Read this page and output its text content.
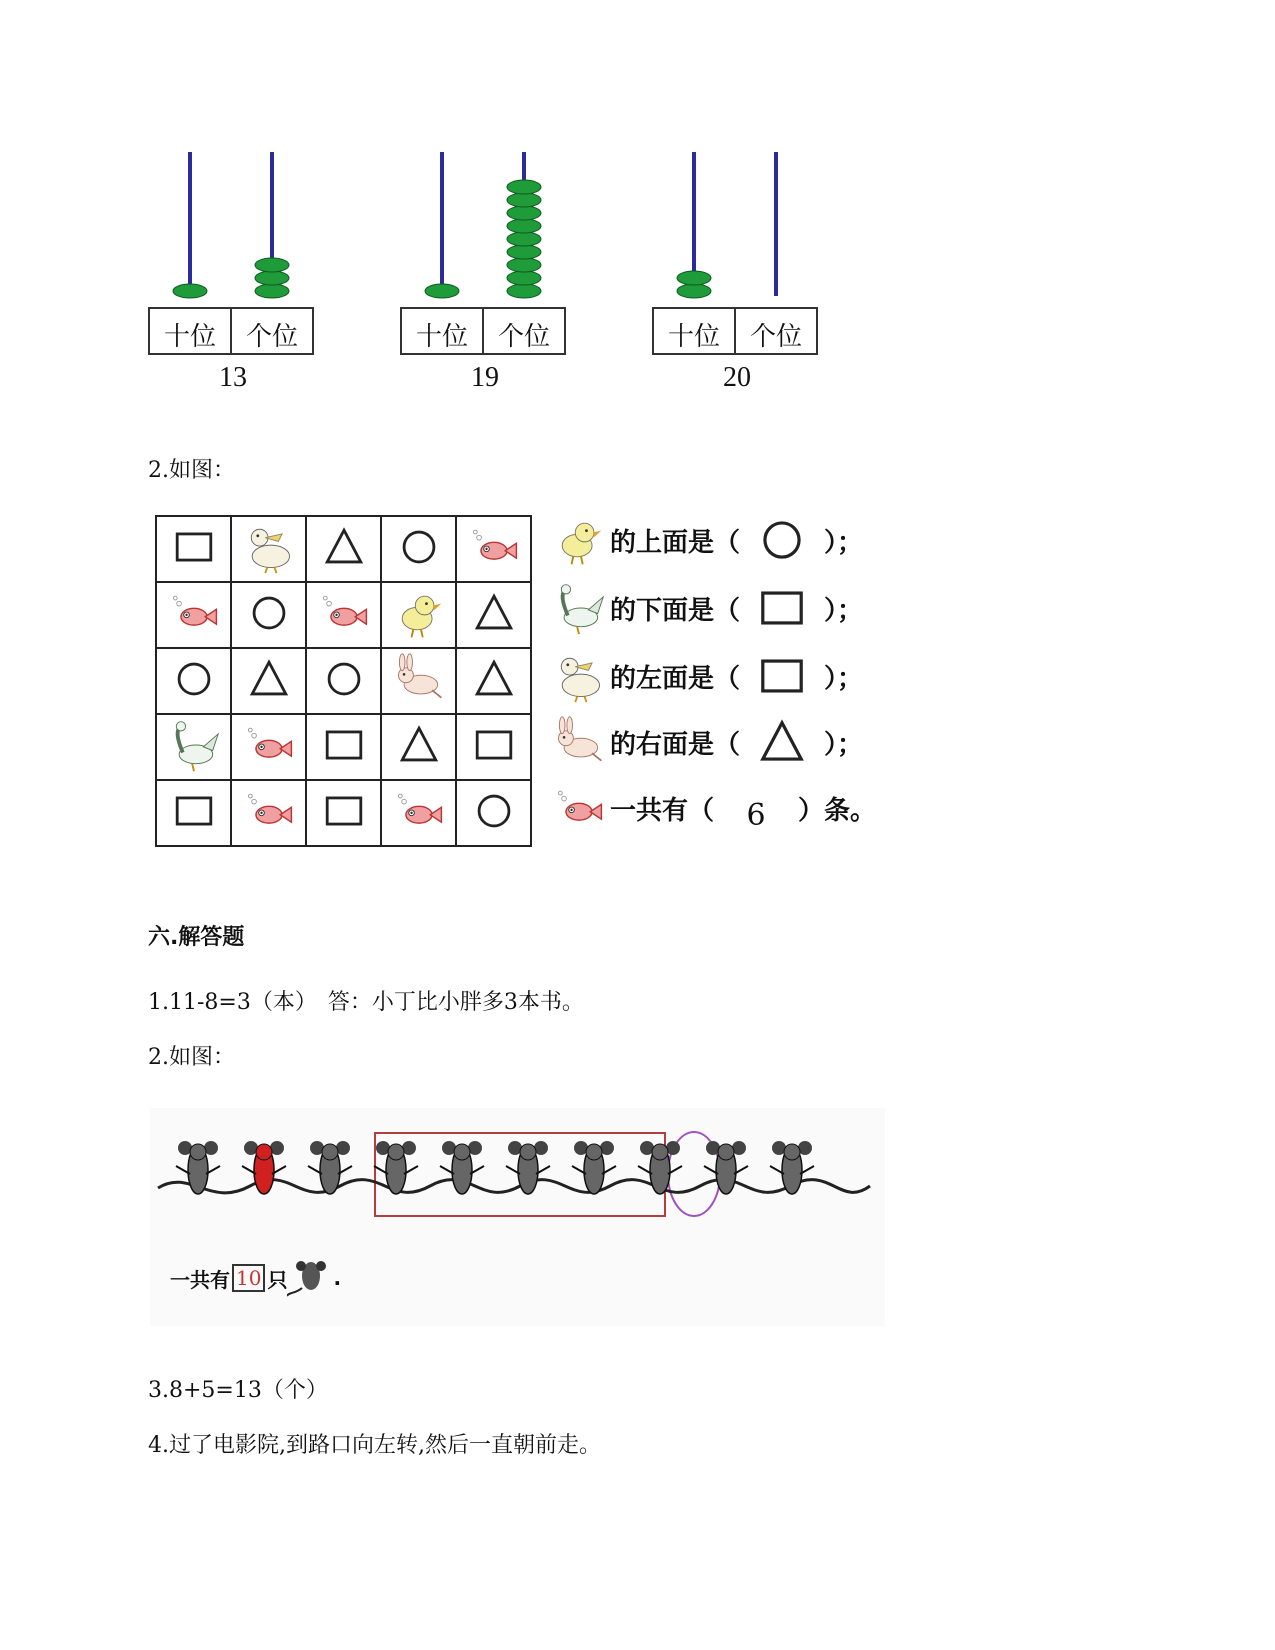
十位	个位
13
十位	个位
19
十位	个位
20
2.如图：

的上面是（	）；
的下面是（	）；
的左面是（	）；
的右面是（	）；
一共有（	6	）条。
六.解答题
1.11-8=3（本）　答：小丁比小胖多3本书。
2.如图：
一共有 10 只 .
3.8+5=13（个）
4.过了电影院,到路口向左转,然后一直朝前走。
